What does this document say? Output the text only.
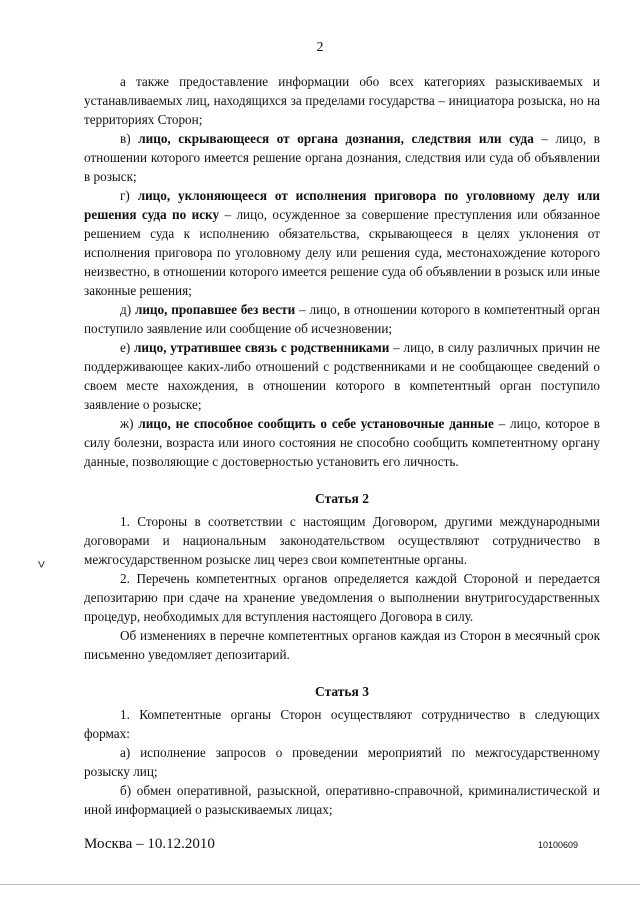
2

а также предоставление информации обо всех категориях разыскиваемых и устанавливаемых лиц, находящихся за пределами государства – инициатора розыска, но на территориях Сторон;

в) лицо, скрывающееся от органа дознания, следствия или суда – лицо, в отношении которого имеется решение органа дознания, следствия или суда об объявлении в розыск;

г) лицо, уклоняющееся от исполнения приговора по уголовному делу или решения суда по иску – лицо, осужденное за совершение преступления или обязанное решением суда к исполнению обязательства, скрывающееся в целях уклонения от исполнения приговора по уголовному делу или решения суда, местонахождение которого неизвестно, в отношении которого имеется решение суда об объявлении в розыск или иные законные решения;

д) лицо, пропавшее без вести – лицо, в отношении которого в компетентный орган поступило заявление или сообщение об исчезновении;

е) лицо, утратившее связь с родственниками – лицо, в силу различных причин не поддерживающее каких-либо отношений с родственниками и не сообщающее сведений о своем месте нахождения, в отношении которого в компетентный орган поступило заявление о розыске;

ж) лицо, не способное сообщить о себе установочные данные – лицо, которое в силу болезни, возраста или иного состояния не способно сообщить компетентному органу данные, позволяющие с достоверностью установить его личность.

Статья 2

1. Стороны в соответствии с настоящим Договором, другими международными договорами и национальным законодательством осуществляют сотрудничество в межгосударственном розыске лиц через свои компетентные органы.

2. Перечень компетентных органов определяется каждой Стороной и передается депозитарию при сдаче на хранение уведомления о выполнении внутригосударственных процедур, необходимых для вступления настоящего Договора в силу.

Об изменениях в перечне компетентных органов каждая из Сторон в месячный срок письменно уведомляет депозитарий.

Статья 3

1. Компетентные органы Сторон осуществляют сотрудничество в следующих формах:

а) исполнение запросов о проведении мероприятий по межгосударственному розыску лиц;

б) обмен оперативной, разыскной, оперативно-справочной, криминалистической и иной информацией о разыскиваемых лицах;

ⱽ
Москва – 10.12.2010	10100609
